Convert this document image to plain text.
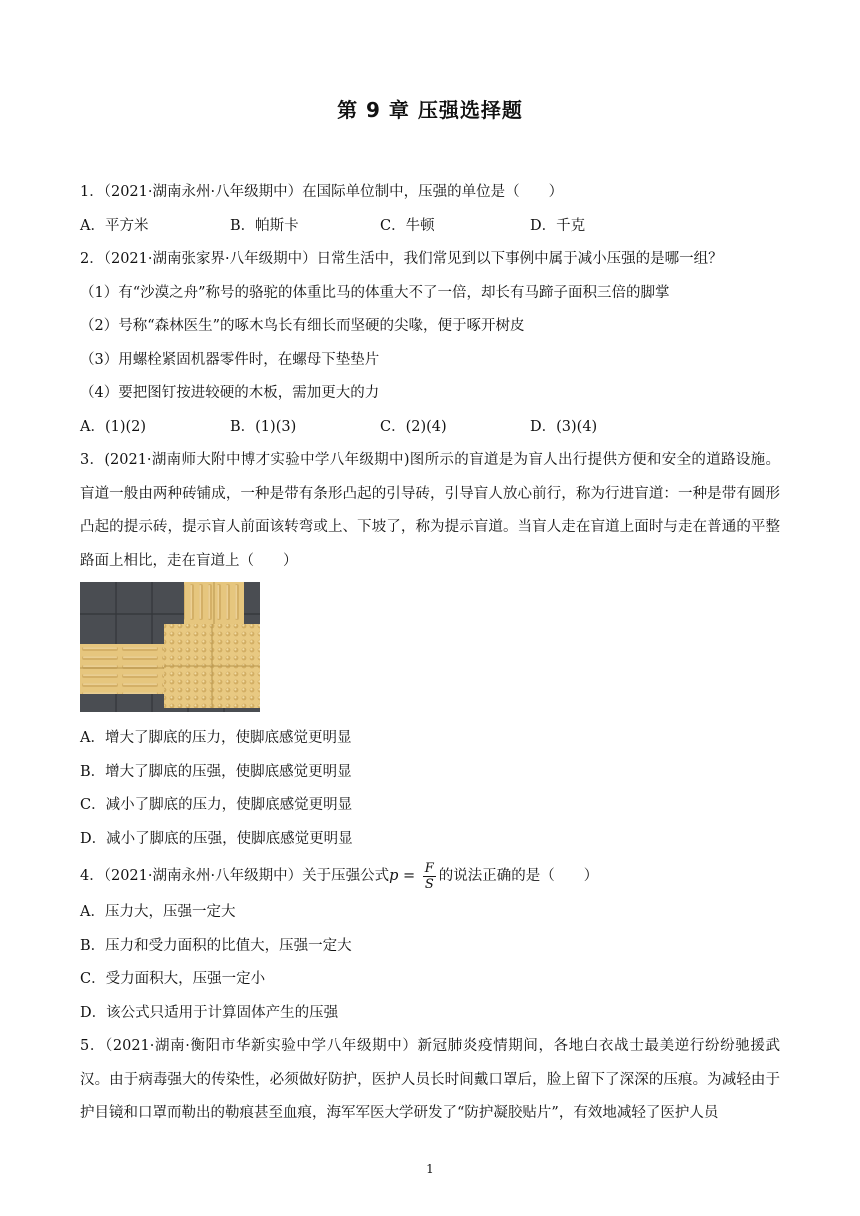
第 9 章 压强选择题
1．（2021·湖南永州·八年级期中）在国际单位制中，压强的单位是（　　）
A．平方米	B．帕斯卡	C．牛顿	D．千克
2．（2021·湖南张家界·八年级期中）日常生活中，我们常见到以下事例中属于减小压强的是哪一组？
（1）有“沙漠之舟”称号的骆驼的体重比马的体重大不了一倍，却长有马蹄子面积三倍的脚掌
（2）号称“森林医生”的啄木鸟长有细长而坚硬的尖喙，便于啄开树皮
（3）用螺栓紧固机器零件时，在螺母下垫垫片
（4）要把图钉按进较硬的木板，需加更大的力
A．(1)(2)	B．(1)(3)	C．(2)(4)	D．(3)(4)
3．(2021·湖南师大附中博才实验中学八年级期中)图所示的盲道是为盲人出行提供方便和安全的道路设施。盲道一般由两种砖铺成，一种是带有条形凸起的引导砖，引导盲人放心前行，称为行进盲道：一种是带有圆形凸起的提示砖，提示盲人前面该转弯或上、下坡了，称为提示盲道。当盲人走在盲道上面时与走在普通的平整路面上相比，走在盲道上（　　）
A．增大了脚底的压力，使脚底感觉更明显
B．增大了脚底的压强，使脚底感觉更明显
C．减小了脚底的压力，使脚底感觉更明显
D．减小了脚底的压强，使脚底感觉更明显
4．（2021·湖南永州·八年级期中）关于压强公式$p = \frac{F}{S}$ 的说法正确的是（　　）
A．压力大，压强一定大
B．压力和受力面积的比值大，压强一定大
C．受力面积大，压强一定小
D．该公式只适用于计算固体产生的压强
5．（2021·湖南·衡阳市华新实验中学八年级期中）新冠肺炎疫情期间，各地白衣战士最美逆行纷纷驰援武汉。由于病毒强大的传染性，必须做好防护，医护人员长时间戴口罩后，脸上留下了深深的压痕。为减轻由于护目镜和口罩而勒出的勒痕甚至血痕，海军军医大学研发了“防护凝胶贴片”，有效地减轻了医护人员
1
